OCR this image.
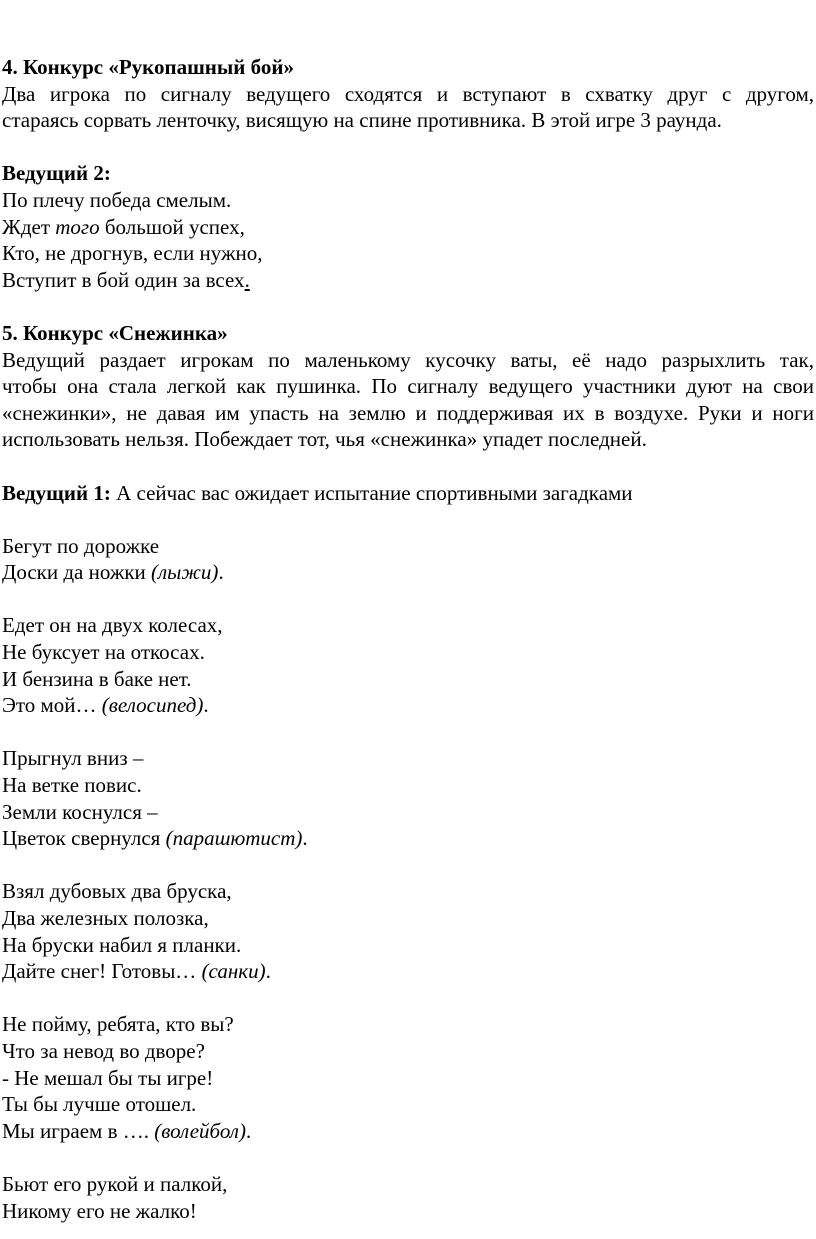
4. Конкурс «Рукопашный бой»
Два игрока по сигналу ведущего сходятся и вступают в схватку друг с другом,
стараясь сорвать ленточку, висящую на спине противника. В этой игре 3 раунда.
Ведущий 2:
По плечу победа смелым.
Ждет того большой успех,
Кто, не дрогнув, если нужно,
Вступит в бой один за всех.
5. Конкурс «Снежинка»
Ведущий раздает игрокам по маленькому кусочку ваты, её надо разрыхлить так,
чтобы она стала легкой как пушинка. По сигналу ведущего участники дуют на свои
«снежинки», не давая им упасть на землю и поддерживая их в воздухе. Руки и ноги
использовать нельзя. Побеждает тот, чья «снежинка» упадет последней.
Ведущий 1: А сейчас вас ожидает испытание спортивными загадками
Бегут по дорожке
Доски да ножки (лыжи).
Едет он на двух колесах,
Не буксует на откосах.
И бензина в баке нет.
Это мой… (велосипед).
Прыгнул вниз –
На ветке повис.
Земли коснулся –
Цветок свернулся (парашютист).
Взял дубовых два бруска,
Два железных полозка,
На бруски набил я планки.
Дайте снег! Готовы… (санки).
Не пойму, ребята, кто вы?
Что за невод во дворе?
- Не мешал бы ты игре!
Ты бы лучше отошел.
Мы играем в …. (волейбол).
Бьют его рукой и палкой,
Никому его не жалко!
